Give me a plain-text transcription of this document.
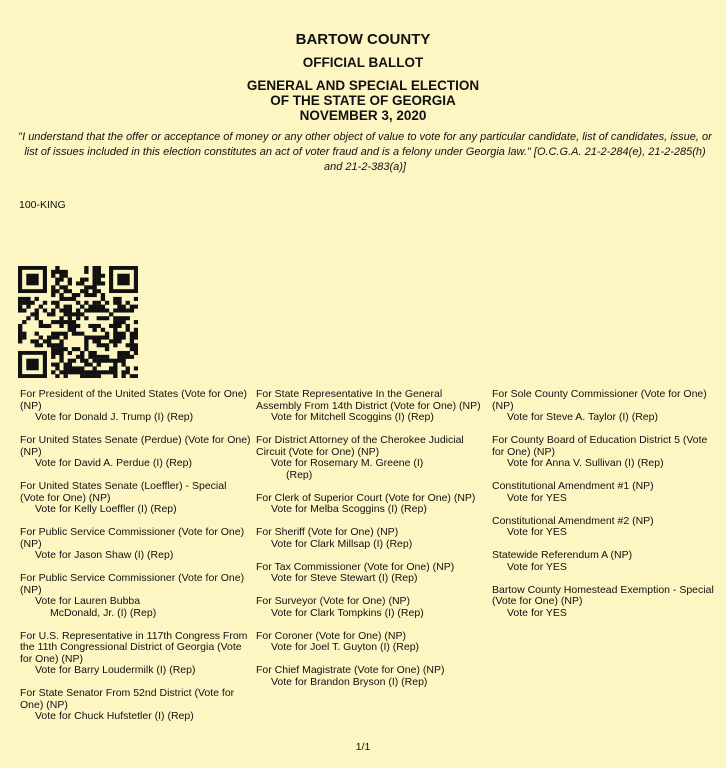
BARTOW COUNTY
OFFICIAL BALLOT
GENERAL AND SPECIAL ELECTION
OF THE STATE OF GEORGIA
NOVEMBER 3, 2020
"I understand that the offer or acceptance of money or any other object of value to vote for any particular candidate, list of candidates, issue, or list of issues included in this election constitutes an act of voter fraud and is a felony under Georgia law." [O.C.G.A. 21-2-284(e), 21-2-285(h) and 21-2-383(a)]
100-KING
For President of the United States (Vote for One) (NP)
Vote for Donald J. Trump (I) (Rep)
For United States Senate (Perdue) (Vote for One) (NP)
Vote for David A. Perdue (I) (Rep)
For United States Senate (Loeffler) - Special (Vote for One) (NP)
Vote for Kelly Loeffler (I) (Rep)
For Public Service Commissioner (Vote for One) (NP)
Vote for Jason Shaw (I) (Rep)
For Public Service Commissioner (Vote for One) (NP)
Vote for Lauren Bubba
McDonald, Jr. (I) (Rep)
For U.S. Representative in 117th Congress From the 11th Congressional District of Georgia (Vote for One) (NP)
Vote for Barry Loudermilk (I) (Rep)
For State Senator From 52nd District (Vote for One) (NP)
Vote for Chuck Hufstetler (I) (Rep)
For State Representative In the General Assembly From 14th District (Vote for One) (NP)
Vote for Mitchell Scoggins (I) (Rep)
For District Attorney of the Cherokee Judicial Circuit (Vote for One) (NP)
Vote for Rosemary M. Greene (I)
(Rep)
For Clerk of Superior Court (Vote for One) (NP)
Vote for Melba Scoggins (I) (Rep)
For Sheriff (Vote for One) (NP)
Vote for Clark Millsap (I) (Rep)
For Tax Commissioner (Vote for One) (NP)
Vote for Steve Stewart (I) (Rep)
For Surveyor (Vote for One) (NP)
Vote for Clark Tompkins (I) (Rep)
For Coroner (Vote for One) (NP)
Vote for Joel T. Guyton (I) (Rep)
For Chief Magistrate (Vote for One) (NP)
Vote for Brandon Bryson (I) (Rep)
For Sole County Commissioner (Vote for One) (NP)
Vote for Steve A. Taylor (I) (Rep)
For County Board of Education District 5 (Vote for One) (NP)
Vote for Anna V. Sullivan (I) (Rep)
Constitutional Amendment #1 (NP)
Vote for YES
Constitutional Amendment #2 (NP)
Vote for YES
Statewide Referendum A (NP)
Vote for YES
Bartow County Homestead Exemption - Special (Vote for One) (NP)
Vote for YES
1/1
